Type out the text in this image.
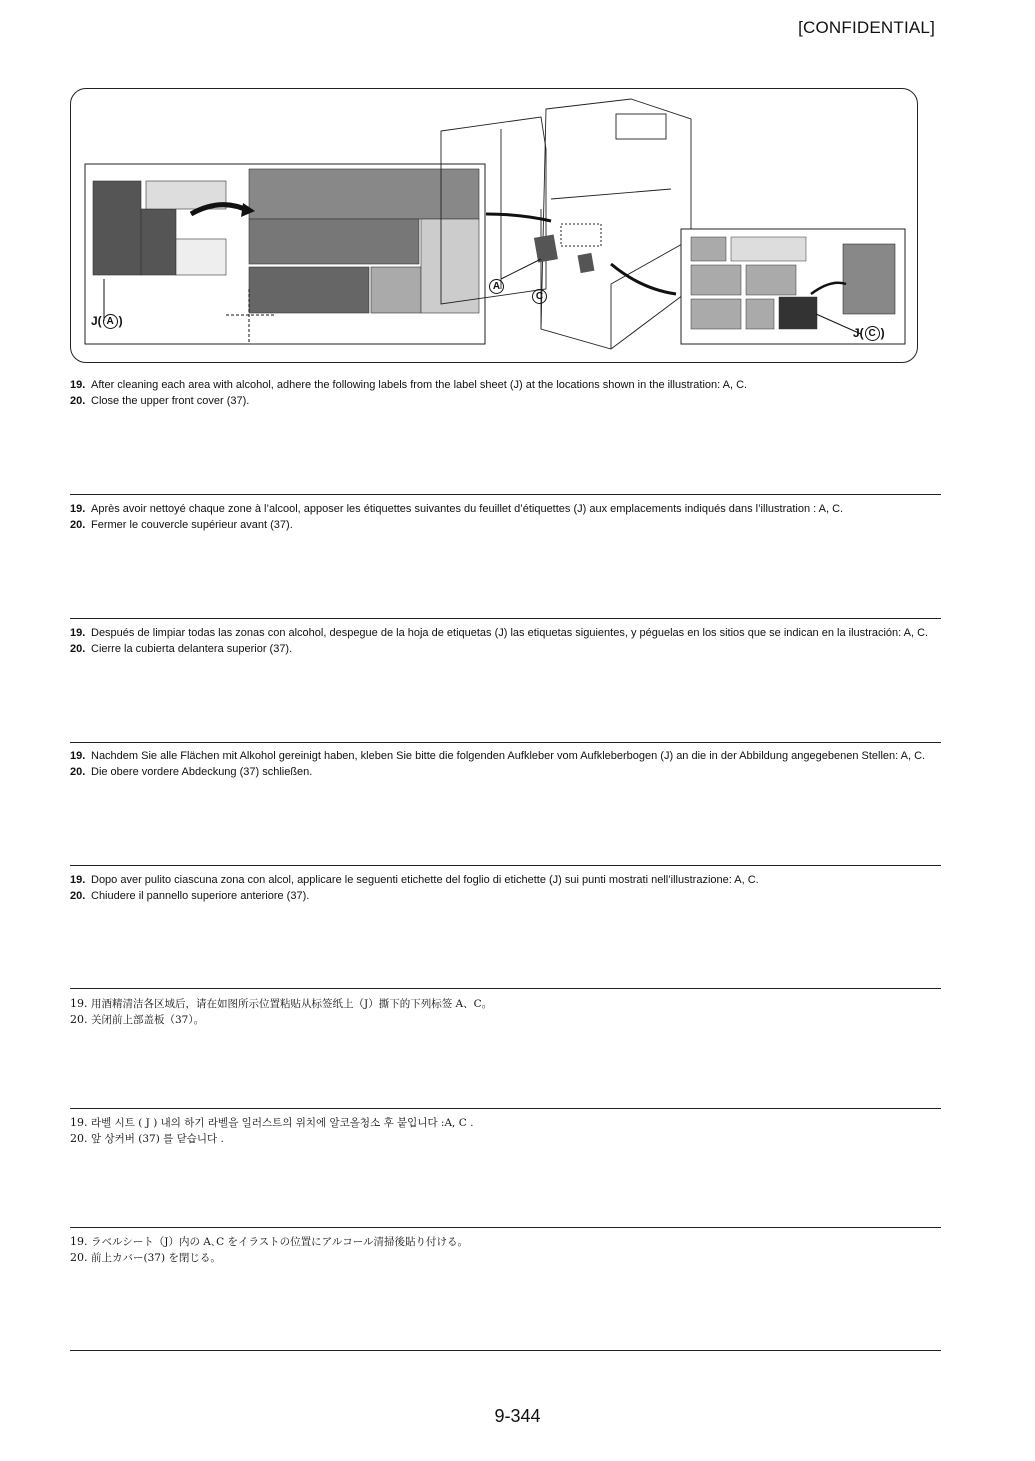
[CONFIDENTIAL]
J( A )
J( C )
A
C
19. After cleaning each area with alcohol, adhere the following labels from the label sheet (J) at the locations shown in the illustration: A, C.
20. Close the upper front cover (37).
19. Après avoir nettoyé chaque zone à l’alcool, apposer les étiquettes suivantes du feuillet d’étiquettes (J) aux emplacements indiqués dans l’illustration : A, C.
20. Fermer le couvercle supérieur avant (37).
19. Después de limpiar todas las zonas con alcohol, despegue de la hoja de etiquetas (J) las etiquetas siguientes, y péguelas en los sitios que se indican en la ilustración: A, C.
20. Cierre la cubierta delantera superior (37).
19. Nachdem Sie alle Flächen mit Alkohol gereinigt haben, kleben Sie bitte die folgenden Aufkleber vom Aufkleberbogen (J) an die in der Abbildung angegebenen Stellen: A, C.
20. Die obere vordere Abdeckung (37) schließen.
19. Dopo aver pulito ciascuna zona con alcol, applicare le seguenti etichette del foglio di etichette (J) sui punti mostrati nell’illustrazione: A, C.
20. Chiudere il pannello superiore anteriore (37).
19. 用酒精清洁各区域后，请在如图所示位置粘贴从标签纸上（J）撕下的下列标签 A、C。
20. 关闭前上部盖板（37）。
19. 라벨 시트 ( J ) 내의 하기 라벨을 일러스트의 위치에 알코올청소 후 붙입니다 :A, C .
20. 앞 상커버 (37) 를 닫습니다 .
19. ラベルシート（J）内の A､C をイラストの位置にアルコール清掃後貼り付ける。
20. 前上カバー(37) を閉じる。
9-344
